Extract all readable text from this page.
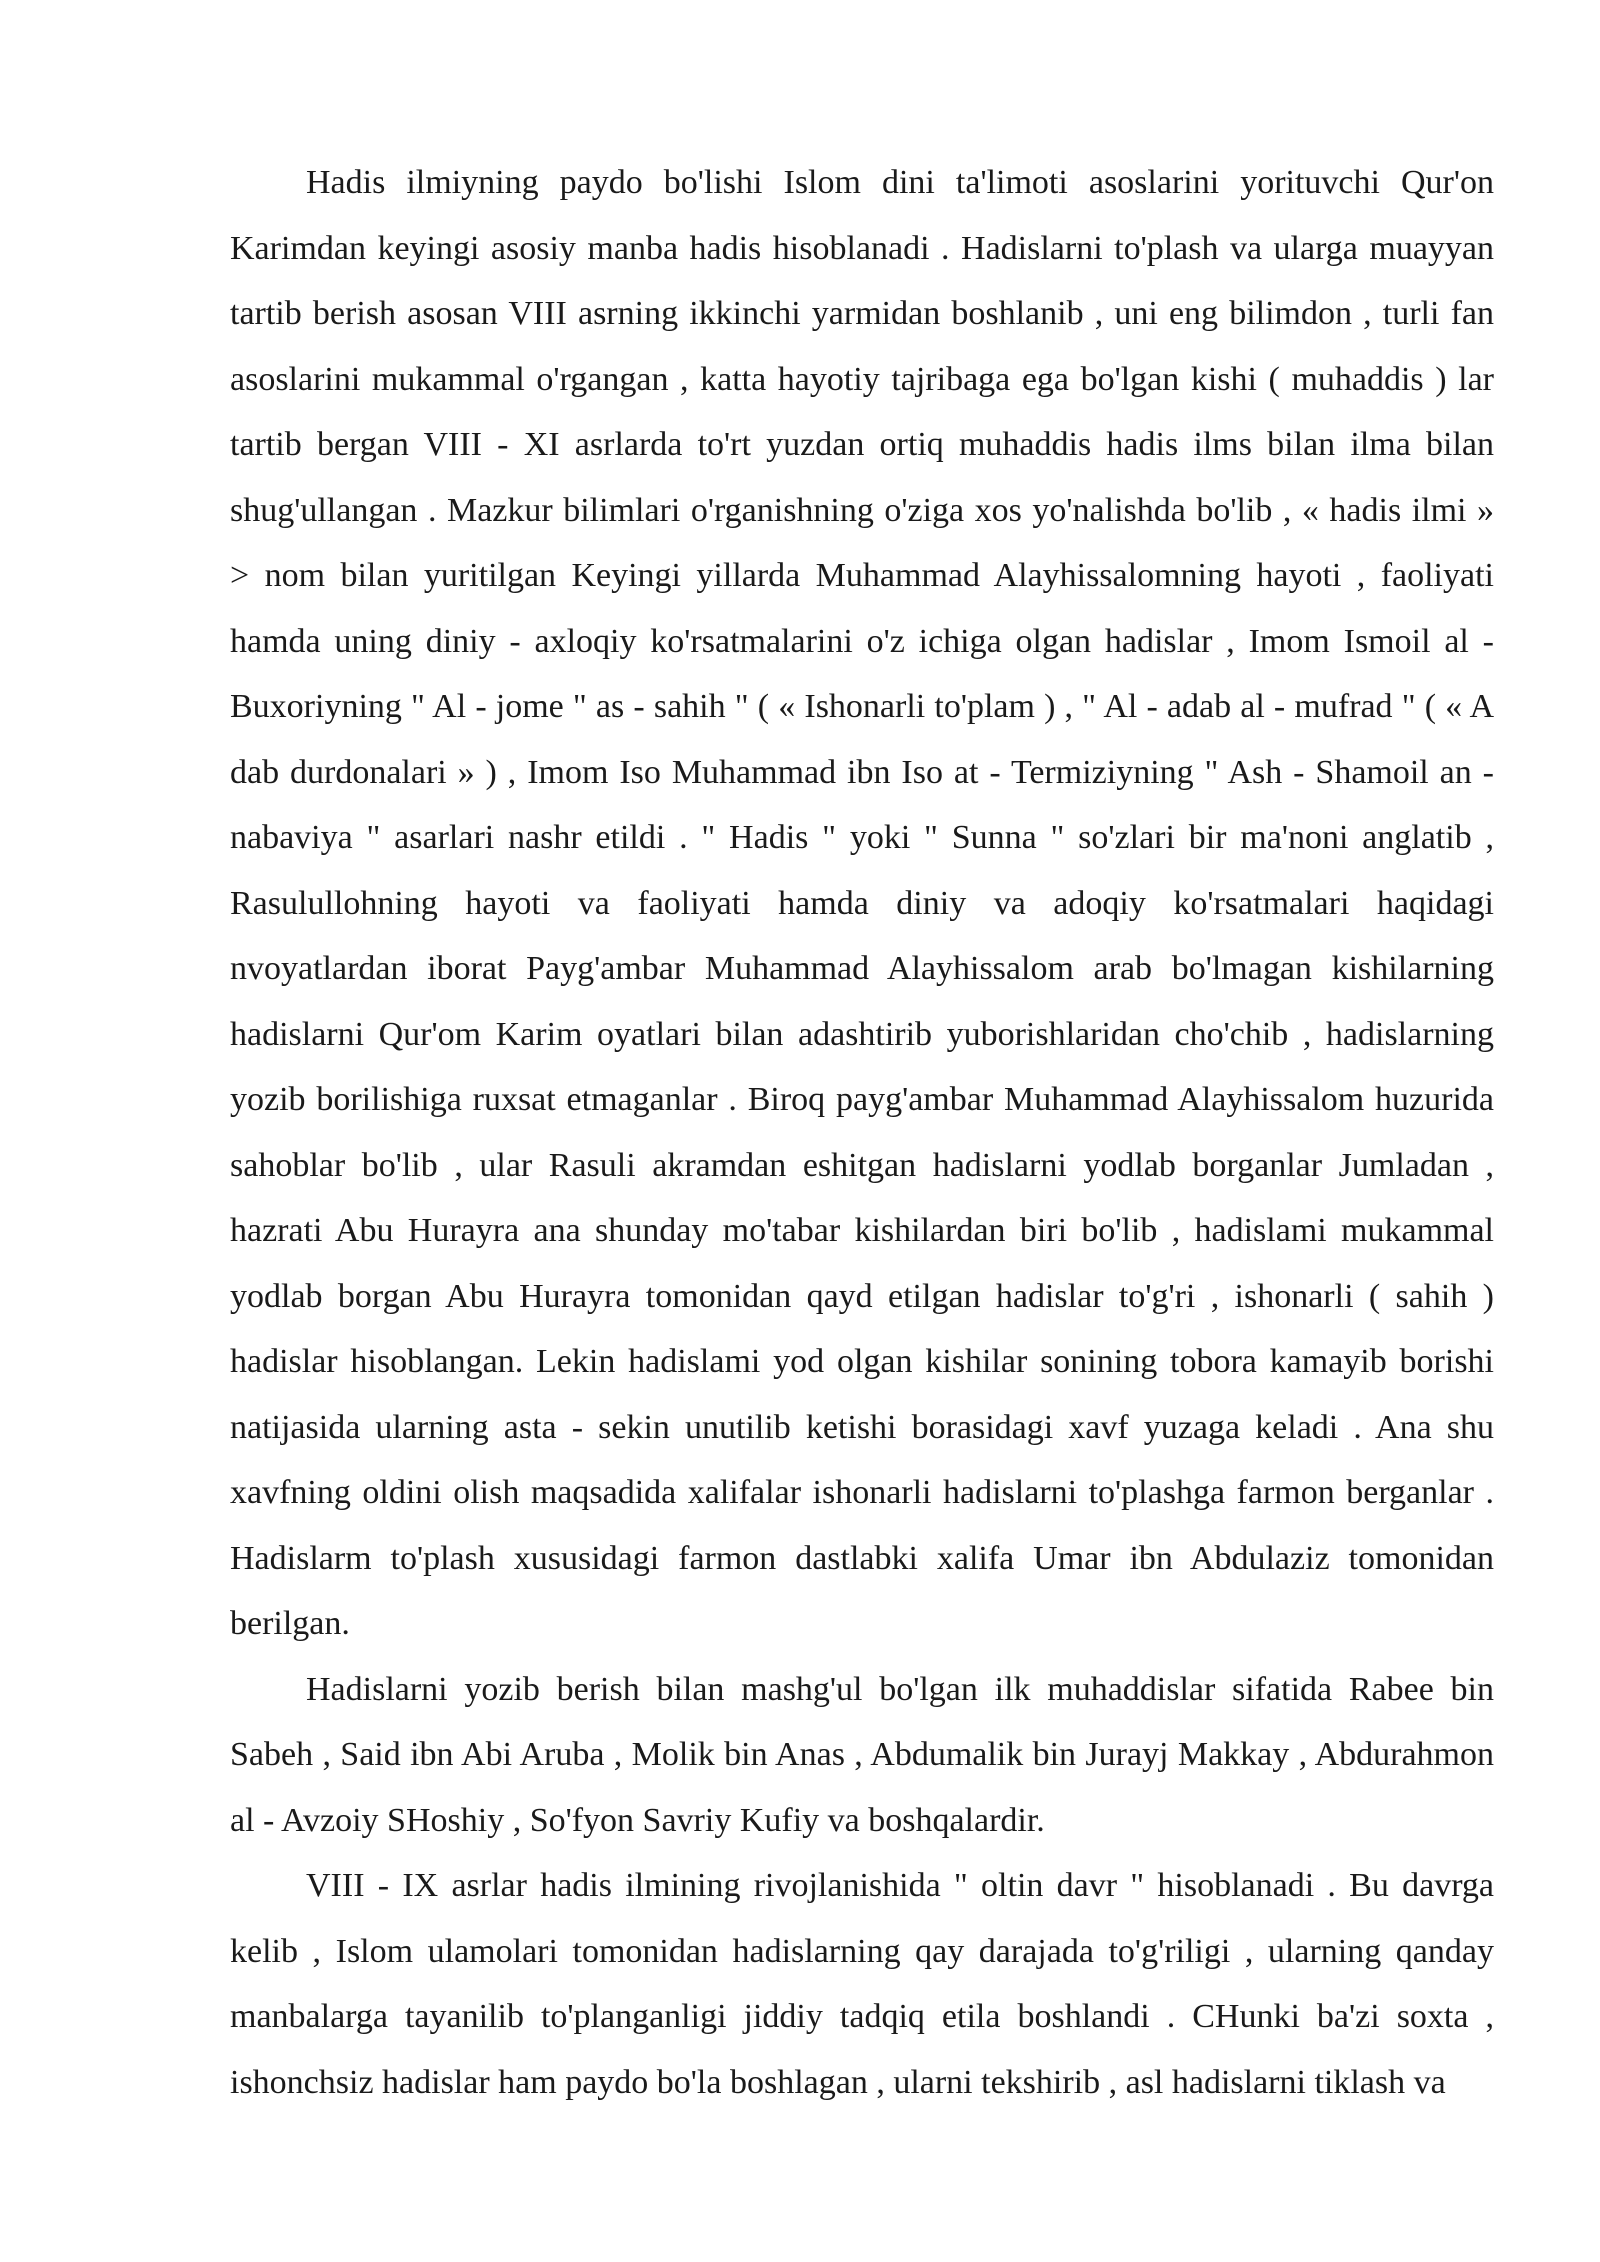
Hadis ilmiyning paydo bo'lishi Islom dini ta'limoti asoslarini yorituvchi Qur'on Karimdan keyingi asosiy manba hadis hisoblanadi . Hadislarni to'plash va ularga muayyan tartib berish asosan VIII asrning ikkinchi yarmidan boshlanib , uni eng bilimdon , turli fan asoslarini mukammal o'rgangan , katta hayotiy tajribaga ega bo'lgan kishi ( muhaddis ) lar tartib bergan VIII - XI asrlarda to'rt yuzdan ortiq muhaddis hadis ilms bilan ilma bilan shug'ullangan . Mazkur bilimlari o'rganishning o'ziga xos yo'nalishda bo'lib , « hadis ilmi » > nom bilan yuritilgan Keyingi yillarda Muhammad Alayhissalomning hayoti , faoliyati hamda uning diniy - axloqiy ko'rsatmalarini o'z ichiga olgan hadislar , Imom Ismoil al - Buxoriyning " Al - jome " as - sahih " ( « Ishonarli to'plam ) , " Al - adab al - mufrad " ( « A dab durdonalari » ) , Imom Iso Muhammad ibn Iso at - Termiziyning " Ash - Shamoil an - nabaviya " asarlari nashr etildi . " Hadis " yoki " Sunna " so'zlari bir ma'noni anglatib , Rasulullohning hayoti va faoliyati hamda diniy va adoqiy ko'rsatmalari haqidagi nvoyatlardan iborat Payg'ambar Muhammad Alayhissalom arab bo'lmagan kishilarning hadislarni Qur'om Karim oyatlari bilan adashtirib yuborishlaridan cho'chib , hadislarning yozib borilishiga ruxsat etmaganlar . Biroq payg'ambar Muhammad Alayhissalom huzurida sahoblar bo'lib , ular Rasuli akramdan eshitgan hadislarni yodlab borganlar Jumladan , hazrati Abu Hurayra ana shunday mo'tabar kishilardan biri bo'lib , hadislami mukammal yodlab borgan Abu Hurayra tomonidan qayd etilgan hadislar to'g'ri , ishonarli ( sahih ) hadislar hisoblangan. Lekin hadislami yod olgan kishilar sonining tobora kamayib borishi natijasida ularning asta - sekin unutilib ketishi borasidagi xavf yuzaga keladi . Ana shu xavfning oldini olish maqsadida xalifalar ishonarli hadislarni to'plashga farmon berganlar . Hadislarm to'plash xususidagi farmon dastlabki xalifa Umar ibn Abdulaziz tomonidan berilgan.

Hadislarni yozib berish bilan mashg'ul bo'lgan ilk muhaddislar sifatida Rabee bin Sabeh , Said ibn Abi Aruba , Molik bin Anas , Abdumalik bin Jurayj Makkay , Abdurahmon al - Avzoiy SHoshiy , So'fyon Savriy Kufiy va boshqalardir.

VIII - IX asrlar hadis ilmining rivojlanishida " oltin davr " hisoblanadi . Bu davrga kelib , Islom ulamolari tomonidan hadislarning qay darajada to'g'riligi , ularning qanday manbalarga tayanilib to'planganligi jiddiy tadqiq etila boshlandi . CHunki ba'zi soxta , ishonchsiz hadislar ham paydo bo'la boshlagan , ularni tekshirib , asl hadislarni tiklash va
